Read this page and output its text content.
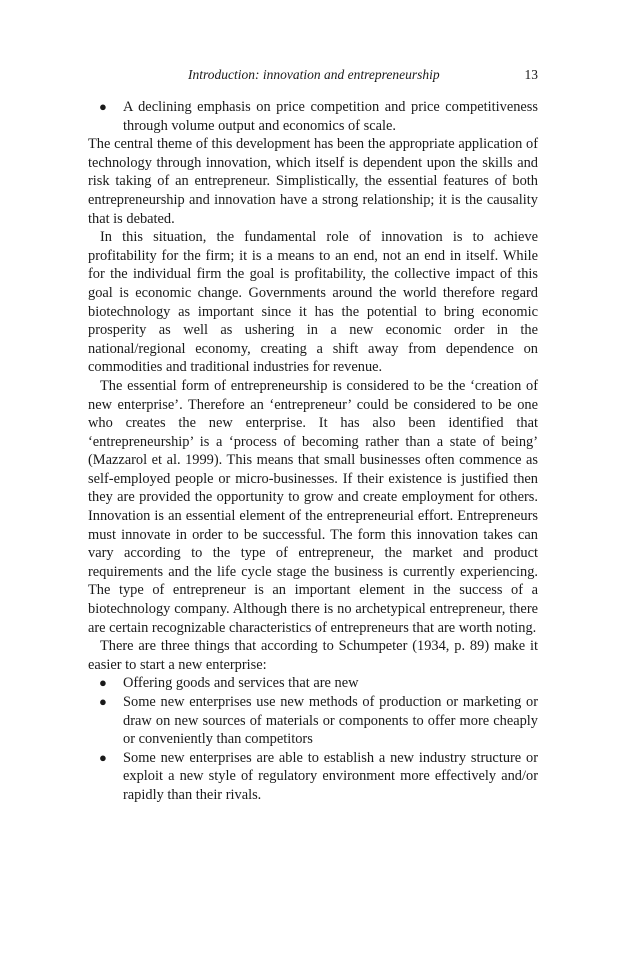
Introduction: innovation and entrepreneurship	13
● A declining emphasis on price competition and price competitiveness through volume output and economics of scale.

The central theme of this development has been the appropriate application of technology through innovation, which itself is dependent upon the skills and risk taking of an entrepreneur. Simplistically, the essential features of both entrepreneurship and innovation have a strong relationship; it is the causality that is debated.

In this situation, the fundamental role of innovation is to achieve profitability for the firm; it is a means to an end, not an end in itself. While for the individual firm the goal is profitability, the collective impact of this goal is economic change. Governments around the world therefore regard biotechnology as important since it has the potential to bring economic prosperity as well as ushering in a new economic order in the national/regional economy, creating a shift away from dependence on commodities and traditional industries for revenue.

The essential form of entrepreneurship is considered to be the ‘creation of new enterprise’. Therefore an ‘entrepreneur’ could be considered to be one who creates the new enterprise. It has also been identified that ‘entrepreneurship’ is a ‘process of becoming rather than a state of being’ (Mazzarol et al. 1999). This means that small businesses often commence as self-employed people or micro-businesses. If their existence is justified then they are provided the opportunity to grow and create employment for others. Innovation is an essential element of the entrepreneurial effort. Entrepreneurs must innovate in order to be successful. The form this innovation takes can vary according to the type of entrepreneur, the market and product requirements and the life cycle stage the business is currently experiencing. The type of entrepreneur is an important element in the success of a biotechnology company. Although there is no archetypical entrepreneur, there are certain recognizable characteristics of entrepreneurs that are worth noting.

There are three things that according to Schumpeter (1934, p. 89) make it easier to start a new enterprise:

● Offering goods and services that are new
● Some new enterprises use new methods of production or marketing or draw on new sources of materials or components to offer more cheaply or conveniently than competitors
● Some new enterprises are able to establish a new industry structure or exploit a new style of regulatory environment more effectively and/or rapidly than their rivals.
